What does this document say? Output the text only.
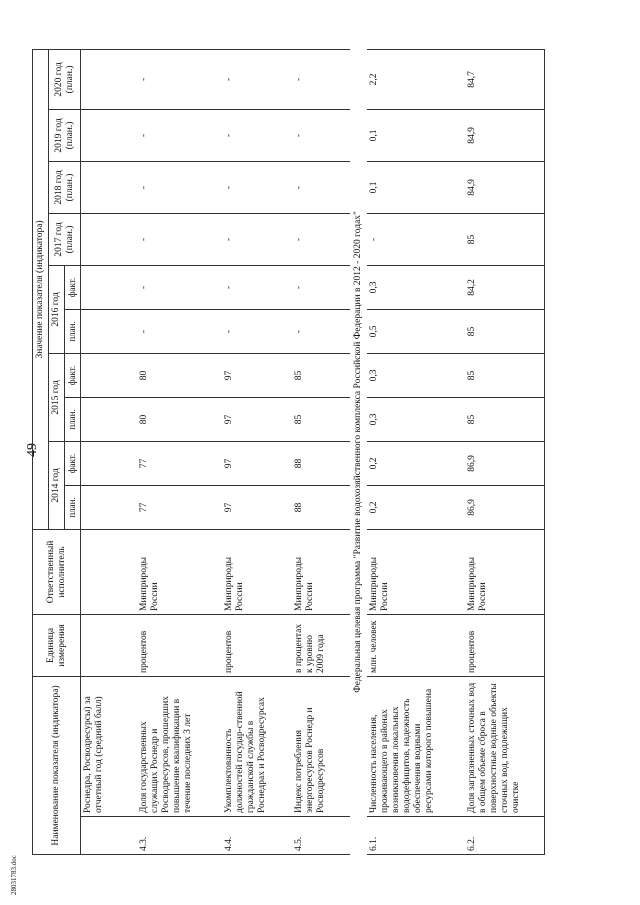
49
28031783.doc
Наименование показателя (индикатора)		Единица измерения	Ответственный исполнитель	Значение показателя (индикатора)									
				2014 год		2015 год		2016 год		2017 год (план.)	2018 год (план.)	2019 год (план.)	2020 год (план.)
				план.	факт.	план.	факт.	план.	факт.				
	Роснедра, Росводресурсы) за отчетный год (средний балл)												
4.3.	Доля государственных служащих Роснедр и Росводресурсов, прошедших повышение квалификации в течение последних 3 лет	процентов	Минприроды России	77	77	80	80	-	-	-	-	-	-
4.4.	Укомплектованность должностей государ-ственной гражданской службы в Роснедрах и Росводресурсах	процентов	Минприроды России	97	97	97	97	-	-	-	-	-	-
4.5.	Индекс потребления энергоресурсов Роснедр и Росводресурсов	в процентах к уровню 2009 года	Минприроды России	88	88	85	85	-	-	-	-	-	-
Федеральная целевая программа "Развитие водохозяйственного комплекса Российской Федерации в 2012 - 2020 годах"													
6.1.	Численность населения, проживающего в районах возникновения локальных вододефицитов, надежность обеспечения водными ресурсами которого повышена	млн. человек	Минприроды России	0,2	0,2	0,3	0,3	0,5	0,3	-	0,1	0,1	2,2
6.2.	Доля загрязненных сточных вод в общем объеме сброса в поверхностные водные объекты сточных вод, подлежащих очистке	процентов	Минприроды России	86,9	86,9	85	85	85	84,2	85	84,9	84,9	84,7
